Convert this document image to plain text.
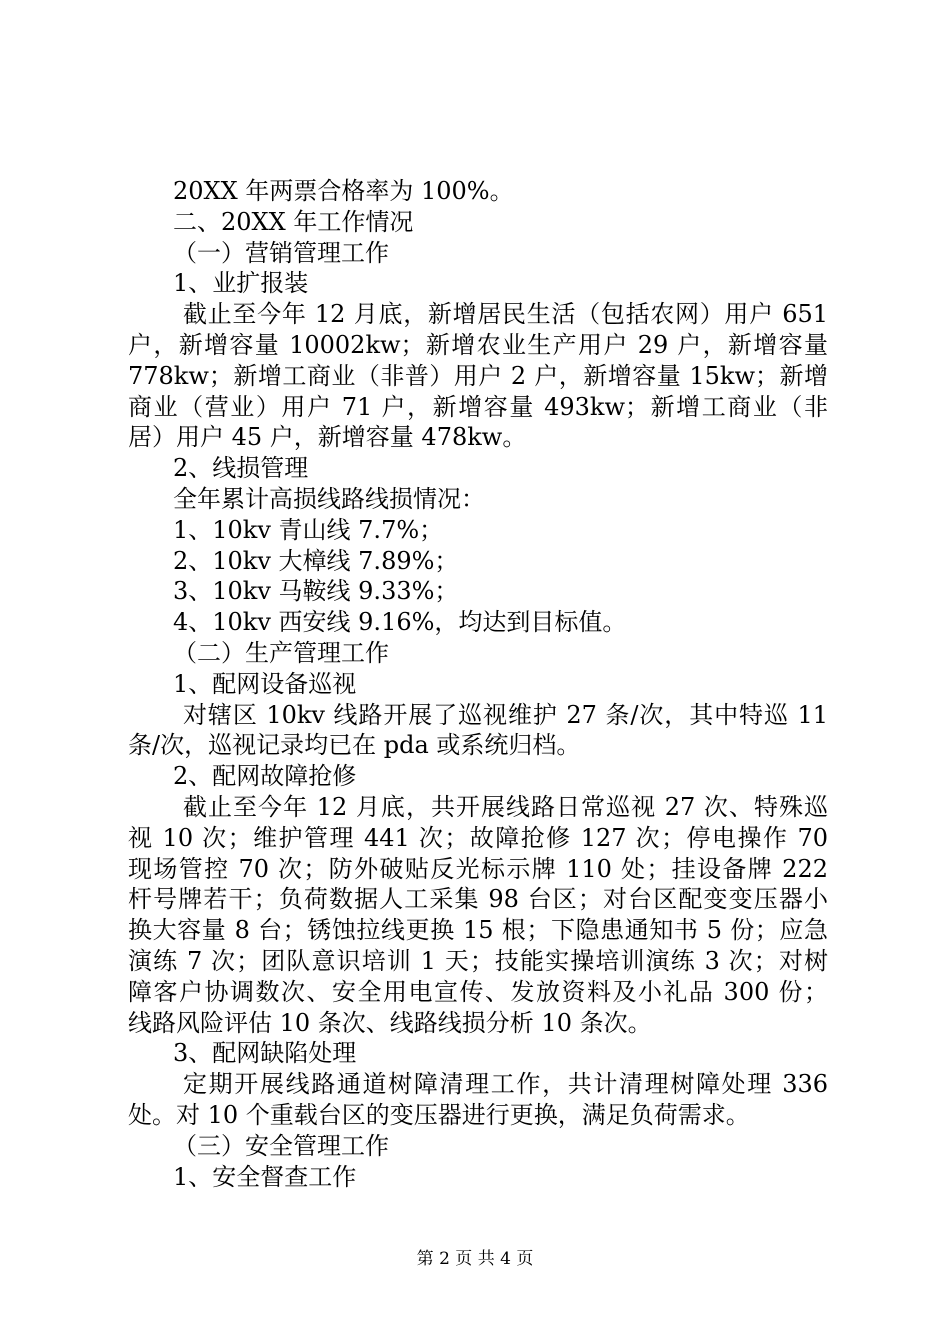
20XX 年两票合格率为 100%。
二、20XX 年工作情况
（一）营销管理工作
1、业扩报装
截止至今年 12 月底，新增居民生活（包括农网）用户 651
户，新增容量 10002kw；新增农业生产用户 29 户，新增容量
778kw；新增工商业（非普）用户 2 户，新增容量 15kw；新增
商业（营业）用户 71 户，新增容量 493kw；新增工商业（非
居）用户 45 户，新增容量 478kw。
2、线损管理
全年累计高损线路线损情况：
1、10kv 青山线 7.7%；
2、10kv 大樟线 7.89%；
3、10kv 马鞍线 9.33%；
4、10kv 西安线 9.16%，均达到目标值。
（二）生产管理工作
1、配网设备巡视
对辖区 10kv 线路开展了巡视维护 27 条/次，其中特巡 11
条/次，巡视记录均已在 pda 或系统归档。
2、配网故障抢修
截止至今年 12 月底，共开展线路日常巡视 27 次、特殊巡
视 10 次；维护管理 441 次；故障抢修 127 次；停电操作 70
现场管控 70 次；防外破贴反光标示牌 110 处；挂设备牌 222
杆号牌若干；负荷数据人工采集 98 台区；对台区配变变压器小
换大容量 8 台；锈蚀拉线更换 15 根；下隐患通知书 5 份；应急
演练 7 次；团队意识培训 1 天；技能实操培训演练 3 次；对树
障客户协调数次、安全用电宣传、发放资料及小礼品 300 份；
线路风险评估 10 条次、线路线损分析 10 条次。
3、配网缺陷处理
定期开展线路通道树障清理工作，共计清理树障处理 336
处。对 10 个重载台区的变压器进行更换，满足负荷需求。
（三）安全管理工作
1、安全督查工作
第 2 页 共 4 页
